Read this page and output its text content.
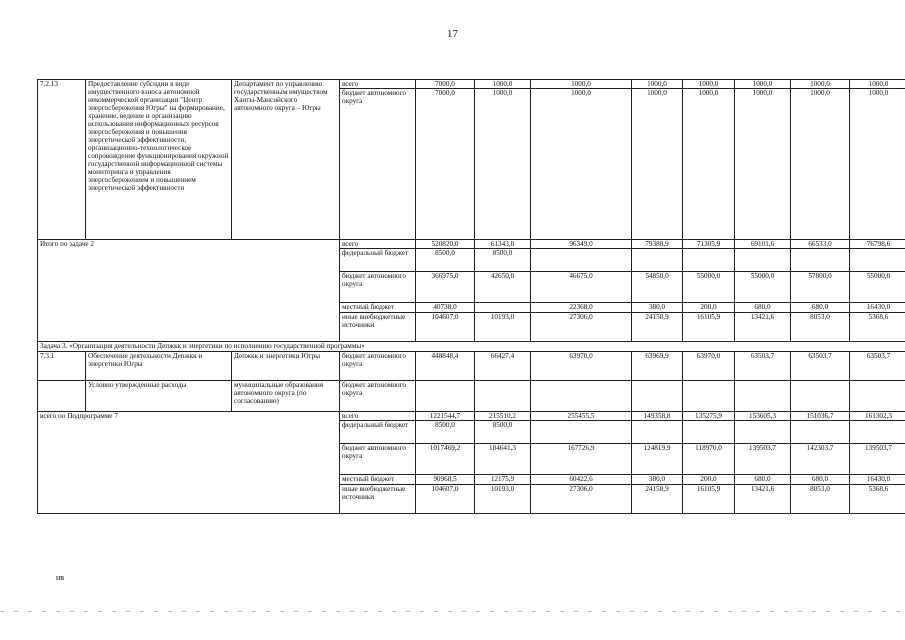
17
7.2.13	Предоставление субсидии в виде имущественного взноса автономной некоммерческой организации "Центр энергосбережения Югры" на формирование, хранение, ведение и организацию использования информационных ресурсов энергосбережения и повышения энергетической эффективности, организационно-технологическое сопровождение функционирования окружной государственной информационной системы мониторинга и управления энергосбережением и повышением энергетической эффективности	Департамент по управлению государственным имуществом Ханты-Мансийского автономного округа – Югры	всего	7000,0	1000,0	1000,0	1000,0	1000,0	1000,0	1000,0	1000,0
			бюджет автономного округа	7000,0	1000,0	1000,0	1000,0	1000,0	1000,0	1000,0	1000,0
Итого по задаче 2			всего	520820,0	61343,0	96349,0	79388,9	71305,9	69101,6	66533,0	76798,6
			федеральный бюджет	8500,0	8500,0						
			бюджет автономного округа	366975,0	42650,0	46675,0	54850,0	55000,0	55000,0	57800,0	55000,0
			местный бюджет	40738,0		22368,0	380,0	200,0	680,0	680,0	16430,0
			иные внебюджетные источники	104607,0	10193,0	27306,0	24158,9	16105,9	13421,6	8053,0	5368,6
Задача 3. «Организация деятельности Депжкк и энергетики по исполнению государственной программы»											
7.3.1	Обеспечение деятельности Депжкк и энергетики Югры	Депжкк и энергетики Югры	бюджет автономного округа	448848,4	66427,4	63970,0	63969,9	63970,0	63503,7	63503,7	63503,7
	Условно утвержденные расходы	муниципальные образования автономного округа (по согласованию)	бюджет автономного округа								
всего по Подпрограмме 7			всего	1221544,7	215510,2	255455,5	149358,8	135275,9	153605,3	151036,7	161302,3
			федеральный бюджет	8500,0	8500,0						
			бюджет автономного округа	1017469,2	184641,3	167726,9	124819,9	118970,0	139503,7	142303,7	139503,7
			местный бюджет	90968,5	12175,9	60422,6	380,0	200,0	680,0	680,0	16430,0
			иные внебюджетные источники	104607,0	10193,0	27306,0	24158,9	16105,9	13421,6	8053,0	5368,6
нв
